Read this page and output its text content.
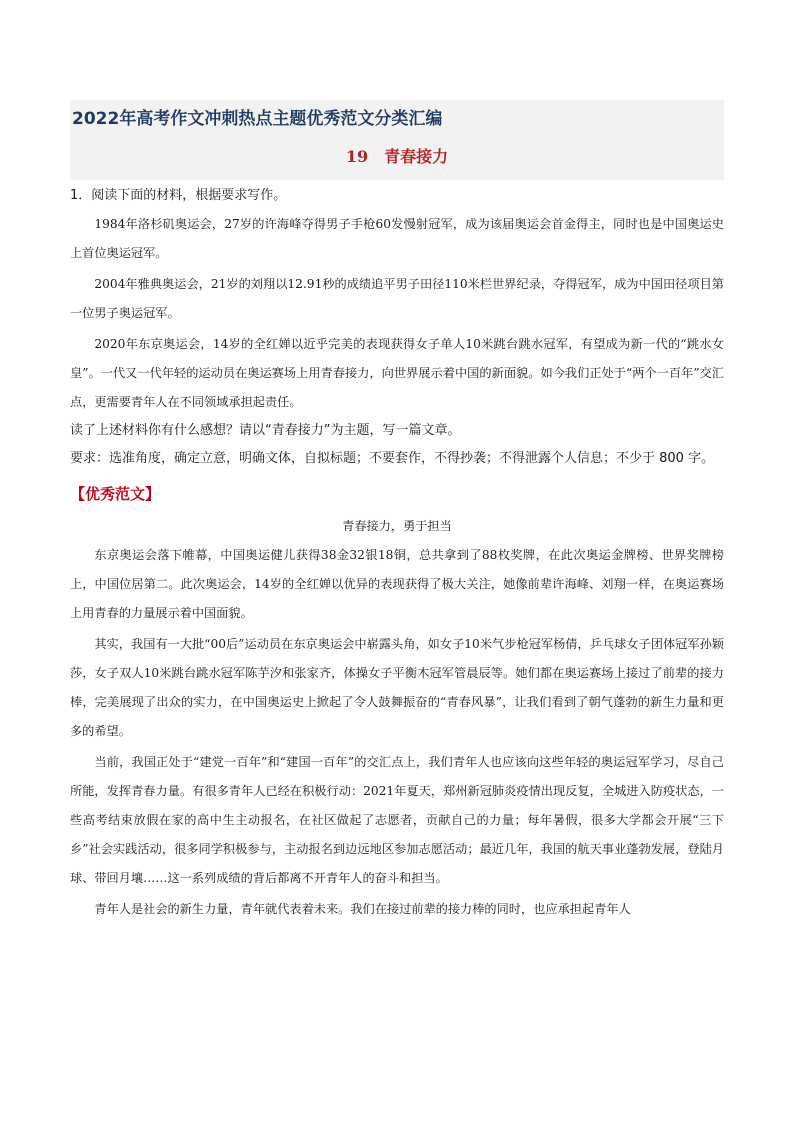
2022年高考作文冲刺热点主题优秀范文分类汇编
19 青春接力

1．阅读下面的材料，根据要求写作。

1984年洛杉矶奥运会，27岁的许海峰夺得男子手枪60发慢射冠军，成为该届奥运会首金得主，同时也是中国奥运史上首位奥运冠军。

2004年雅典奥运会，21岁的刘翔以12.91秒的成绩追平男子田径110米栏世界纪录，夺得冠军，成为中国田径项目第一位男子奥运冠军。

2020年东京奥运会，14岁的全红婵以近乎完美的表现获得女子单人10米跳台跳水冠军，有望成为新一代的“跳水女皇”。一代又一代年轻的运动员在奥运赛场上用青春接力，向世界展示着中国的新面貌。如今我们正处于“两个一百年”交汇点，更需要青年人在不同领域承担起责任。

读了上述材料你有什么感想？请以“青春接力”为主题，写一篇文章。

要求：选准角度，确定立意，明确文体，自拟标题；不要套作，不得抄袭；不得泄露个人信息；不少于 800 字。

【优秀范文】

青春接力，勇于担当

东京奥运会落下帷幕，中国奥运健儿获得38金32银18铜，总共拿到了88枚奖牌，在此次奥运金牌榜、世界奖牌榜上，中国位居第二。此次奥运会，14岁的全红婵以优异的表现获得了极大关注，她像前辈许海峰、刘翔一样，在奥运赛场上用青春的力量展示着中国面貌。

其实，我国有一大批“00后”运动员在东京奥运会中崭露头角，如女子10米气步枪冠军杨倩，乒乓球女子团体冠军孙颖莎，女子双人10米跳台跳水冠军陈芋汐和张家齐，体操女子平衡木冠军管晨辰等。她们都在奥运赛场上接过了前辈的接力棒，完美展现了出众的实力，在中国奥运史上掀起了令人鼓舞振奋的“青春风暴”，让我们看到了朝气蓬勃的新生力量和更多的希望。

当前，我国正处于“建党一百年”和“建国一百年”的交汇点上，我们青年人也应该向这些年轻的奥运冠军学习，尽自己所能，发挥青春力量。有很多青年人已经在积极行动：2021年夏天，郑州新冠肺炎疫情出现反复，全城进入防疫状态，一些高考结束放假在家的高中生主动报名，在社区做起了志愿者，贡献自己的力量；每年暑假，很多大学都会开展“三下乡”社会实践活动，很多同学积极参与，主动报名到边远地区参加志愿活动；最近几年，我国的航天事业蓬勃发展，登陆月球、带回月壤……这一系列成绩的背后都离不开青年人的奋斗和担当。

青年人是社会的新生力量，青年就代表着未来。我们在接过前辈的接力棒的同时，也应承担起青年人
